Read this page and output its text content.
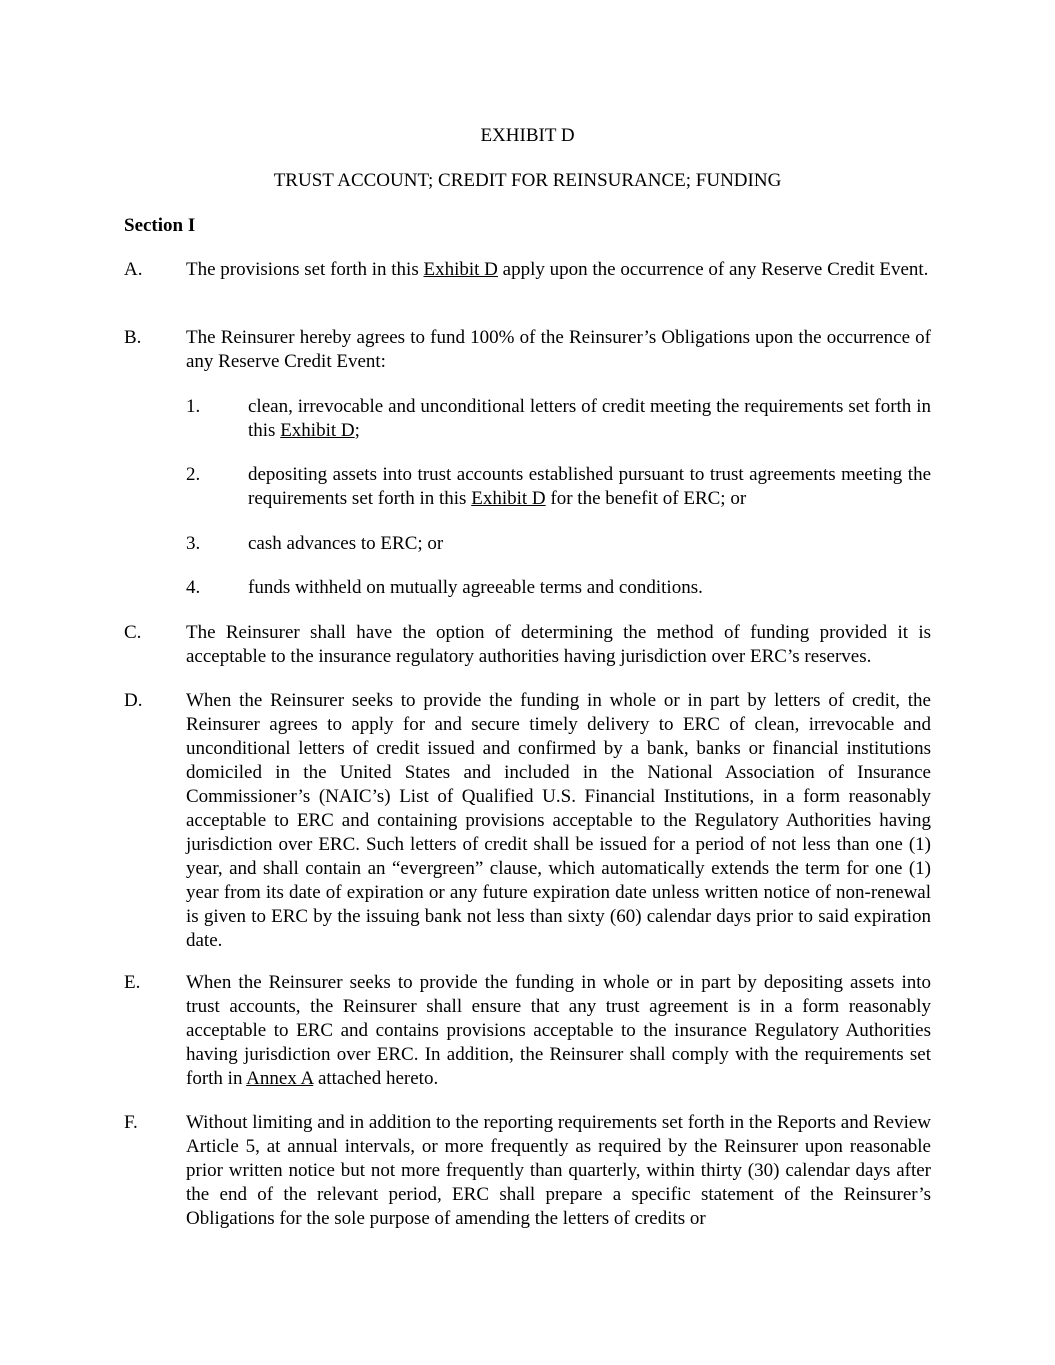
EXHIBIT D
TRUST ACCOUNT; CREDIT FOR REINSURANCE; FUNDING
Section I
A. The provisions set forth in this Exhibit D apply upon the occurrence of any Reserve Credit Event.
B. The Reinsurer hereby agrees to fund 100% of the Reinsurer’s Obligations upon the occurrence of any Reserve Credit Event:
1.	clean, irrevocable and unconditional letters of credit meeting the requirements set forth in this Exhibit D;
2.	depositing assets into trust accounts established pursuant to trust agreements meeting the requirements set forth in this Exhibit D for the benefit of ERC; or
3.	cash advances to ERC; or
4.	funds withheld on mutually agreeable terms and conditions.
C. The Reinsurer shall have the option of determining the method of funding provided it is acceptable to the insurance regulatory authorities having jurisdiction over ERC’s reserves.
D. When the Reinsurer seeks to provide the funding in whole or in part by letters of credit, the Reinsurer agrees to apply for and secure timely delivery to ERC of clean, irrevocable and unconditional letters of credit issued and confirmed by a bank, banks or financial institutions domiciled in the United States and included in the National Association of Insurance Commissioner’s (NAIC’s) List of Qualified U.S. Financial Institutions, in a form reasonably acceptable to ERC and containing provisions acceptable to the Regulatory Authorities having jurisdiction over ERC. Such letters of credit shall be issued for a period of not less than one (1) year, and shall contain an “evergreen” clause, which automatically extends the term for one (1) year from its date of expiration or any future expiration date unless written notice of non-renewal is given to ERC by the issuing bank not less than sixty (60) calendar days prior to said expiration date.
E. When the Reinsurer seeks to provide the funding in whole or in part by depositing assets into trust accounts, the Reinsurer shall ensure that any trust agreement is in a form reasonably acceptable to ERC and contains provisions acceptable to the insurance Regulatory Authorities having jurisdiction over ERC. In addition, the Reinsurer shall comply with the requirements set forth in Annex A attached hereto.
F.	Without limiting and in addition to the reporting requirements set forth in the Reports and Review Article 5, at annual intervals, or more frequently as required by the Reinsurer upon reasonable prior written notice but not more frequently than quarterly, within thirty (30) calendar days after the end of the relevant period, ERC shall prepare a specific statement of the Reinsurer’s Obligations for the sole purpose of amending the letters of credits or
